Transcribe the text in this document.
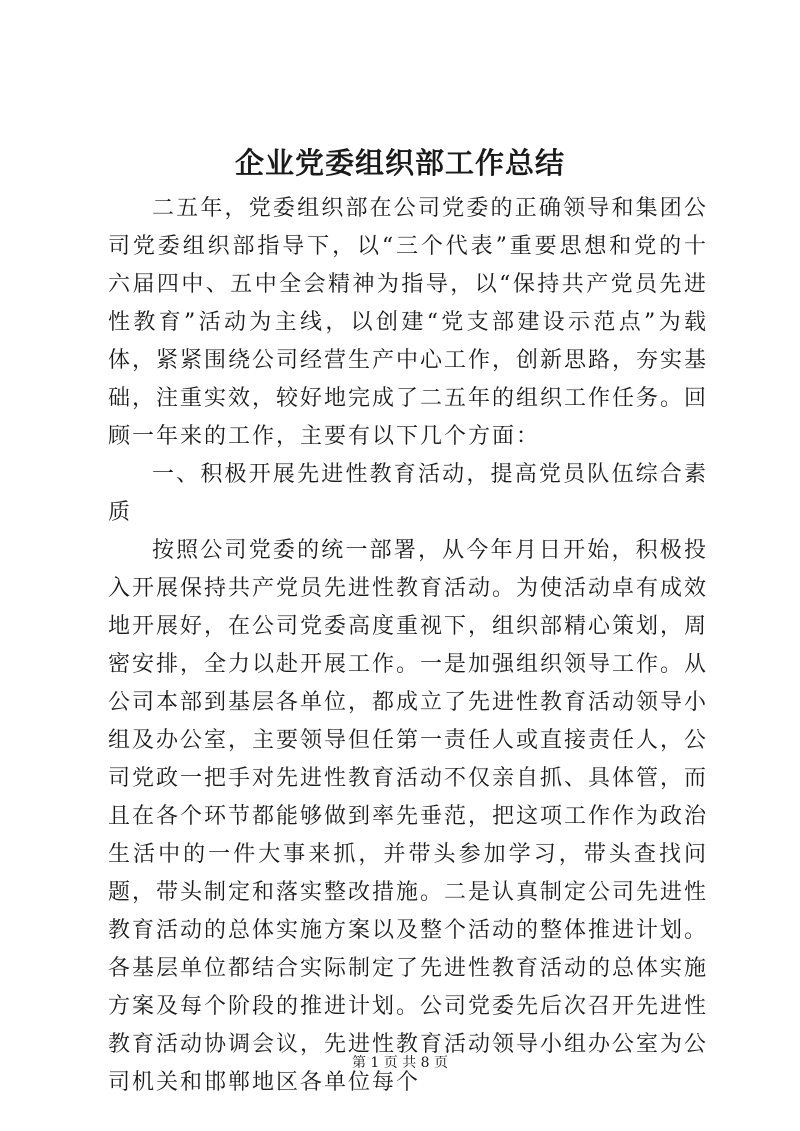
企业党委组织部工作总结

二五年，党委组织部在公司党委的正确领导和集团公司党委组织部指导下，以“三个代表”重要思想和党的十六届四中、五中全会精神为指导，以“保持共产党员先进性教育”活动为主线，以创建“党支部建设示范点”为载体，紧紧围绕公司经营生产中心工作，创新思路，夯实基础，注重实效，较好地完成了二五年的组织工作任务。回顾一年来的工作，主要有以下几个方面：

一、积极开展先进性教育活动，提高党员队伍综合素质

按照公司党委的统一部署，从今年月日开始，积极投入开展保持共产党员先进性教育活动。为使活动卓有成效地开展好，在公司党委高度重视下，组织部精心策划，周密安排，全力以赴开展工作。一是加强组织领导工作。从公司本部到基层各单位，都成立了先进性教育活动领导小组及办公室，主要领导但任第一责任人或直接责任人，公司党政一把手对先进性教育活动不仅亲自抓、具体管，而且在各个环节都能够做到率先垂范，把这项工作作为政治生活中的一件大事来抓，并带头参加学习，带头查找问题，带头制定和落实整改措施。二是认真制定公司先进性教育活动的总体实施方案以及整个活动的整体推进计划。各基层单位都结合实际制定了先进性教育活动的总体实施方案及每个阶段的推进计划。公司党委先后次召开先进性教育活动协调会议，先进性教育活动领导小组办公室为公司机关和邯郸地区各单位每个

第 1 页 共 8 页
